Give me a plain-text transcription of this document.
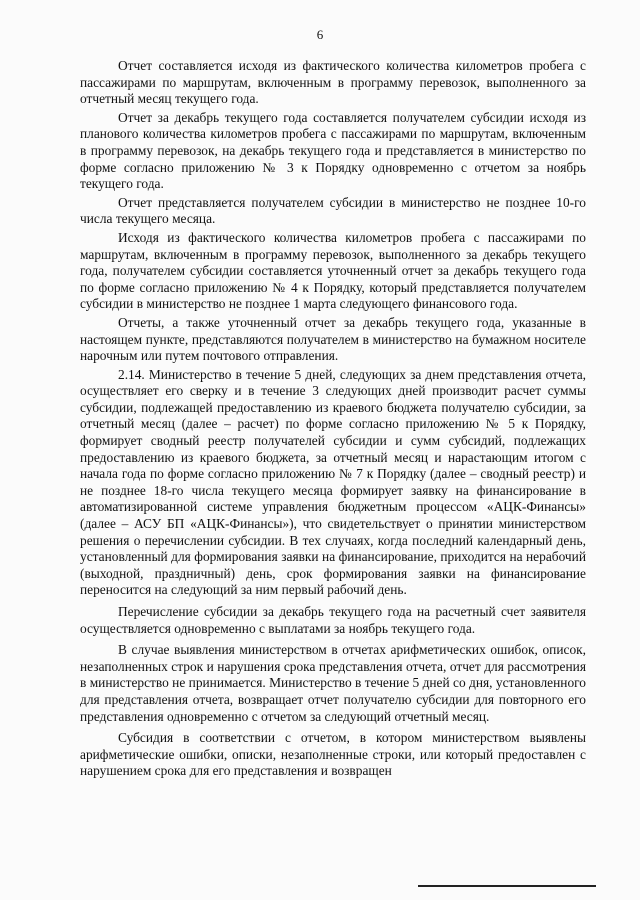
6

Отчет составляется исходя из фактического количества километров пробега с пассажирами по маршрутам, включенным в программу перевозок, выполненного за отчетный месяц текущего года.

Отчет за декабрь текущего года составляется получателем субсидии исходя из планового количества километров пробега с пассажирами по маршрутам, включенным в программу перевозок, на декабрь текущего года и представляется в министерство по форме согласно приложению № 3 к Порядку одновременно с отчетом за ноябрь текущего года.

Отчет представляется получателем субсидии в министерство не позднее 10-го числа текущего месяца.

Исходя из фактического количества километров пробега с пассажирами по маршрутам, включенным в программу перевозок, выполненного за декабрь текущего года, получателем субсидии составляется уточненный отчет за декабрь текущего года по форме согласно приложению № 4 к Порядку, который представляется получателем субсидии в министерство не позднее 1 марта следующего финансового года.

Отчеты, а также уточненный отчет за декабрь текущего года, указанные в настоящем пункте, представляются получателем в министерство на бумажном носителе нарочным или путем почтового отправления.

2.14. Министерство в течение 5 дней, следующих за днем представления отчета, осуществляет его сверку и в течение 3 следующих дней производит расчет суммы субсидии, подлежащей предоставлению из краевого бюджета получателю субсидии, за отчетный месяц (далее – расчет) по форме согласно приложению № 5 к Порядку, формирует сводный реестр получателей субсидии и сумм субсидий, подлежащих предоставлению из краевого бюджета, за отчетный месяц и нарастающим итогом с начала года по форме согласно приложению № 7 к Порядку (далее – сводный реестр) и не позднее 18-го числа текущего месяца формирует заявку на финансирование в автоматизированной системе управления бюджетным процессом «АЦК-Финансы» (далее – АСУ БП «АЦК-Финансы»), что свидетельствует о принятии министерством решения о перечислении субсидии. В тех случаях, когда последний календарный день, установленный для формирования заявки на финансирование, приходится на нерабочий (выходной, праздничный) день, срок формирования заявки на финансирование переносится на следующий за ним первый рабочий день.

Перечисление субсидии за декабрь текущего года на расчетный счет заявителя осуществляется одновременно с выплатами за ноябрь текущего года.

В случае выявления министерством в отчетах арифметических ошибок, описок, незаполненных строк и нарушения срока представления отчета, отчет для рассмотрения в министерство не принимается. Министерство в течение 5 дней со дня, установленного для представления отчета, возвращает отчет получателю субсидии для повторного его представления одновременно с отчетом за следующий отчетный месяц.

Субсидия в соответствии с отчетом, в котором министерством выявлены арифметические ошибки, описки, незаполненные строки, или который предоставлен с нарушением срока для его представления и возвращен
